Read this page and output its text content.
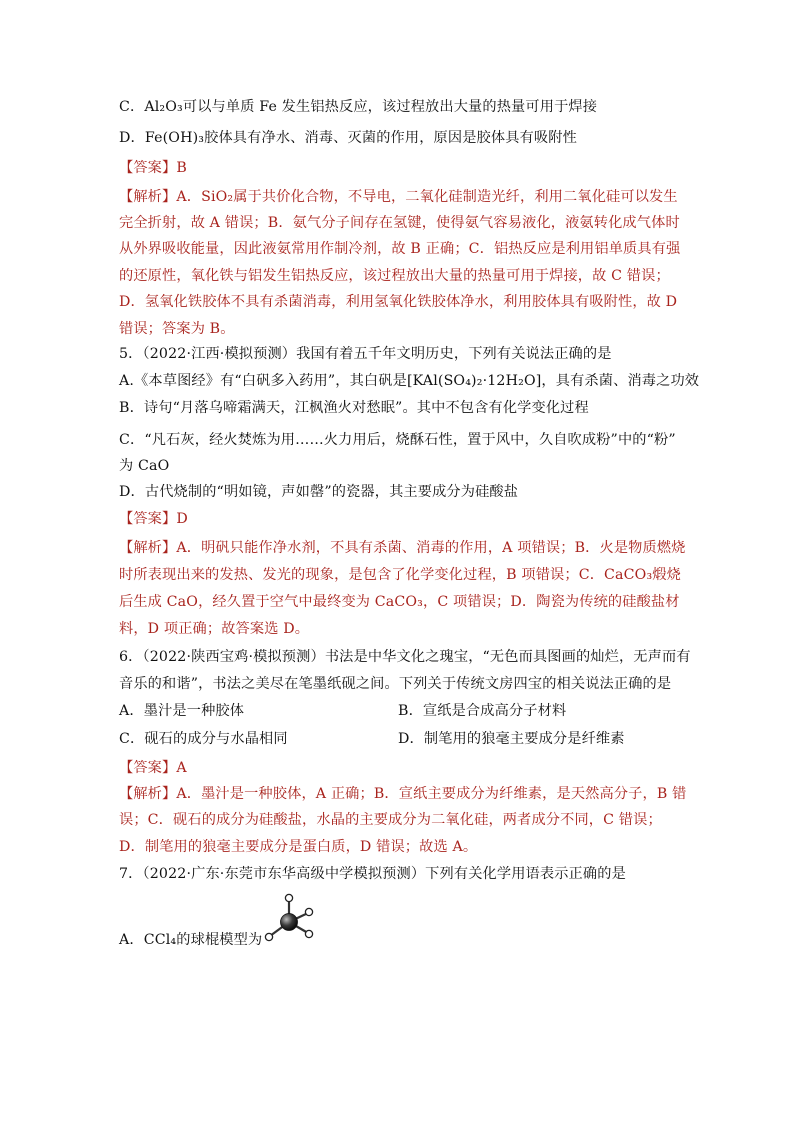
C．Al₂O₃可以与单质 Fe 发生铝热反应，该过程放出大量的热量可用于焊接
D．Fe(OH)₃胶体具有净水、消毒、灭菌的作用，原因是胶体具有吸附性
【答案】B
【解析】A．SiO₂属于共价化合物，不导电，二氧化硅制造光纤，利用二氧化硅可以发生
完全折射，故 A 错误；B．氨气分子间存在氢键，使得氨气容易液化，液氨转化成气体时
从外界吸收能量，因此液氨常用作制冷剂，故 B 正确；C．铝热反应是利用铝单质具有强
的还原性，氧化铁与铝发生铝热反应，该过程放出大量的热量可用于焊接，故 C 错误；
D．氢氧化铁胶体不具有杀菌消毒，利用氢氧化铁胶体净水，利用胶体具有吸附性，故 D
错误；答案为 B。
5．（2022·江西·模拟预测）我国有着五千年文明历史，下列有关说法正确的是
A.《本草图经》有“白矾多入药用”，其白矾是[KAl(SO₄)₂·12H₂O]，具有杀菌、消毒之功效
B．诗句“月落乌啼霜满天，江枫渔火对愁眠”。其中不包含有化学变化过程
C．“凡石灰，经火焚炼为用……火力用后，烧酥石性，置于风中，久自吹成粉”中的“粉”
为 CaO
D．古代烧制的“明如镜，声如罄”的瓷器，其主要成分为硅酸盐
【答案】D
【解析】A．明矾只能作净水剂，不具有杀菌、消毒的作用，A 项错误；B．火是物质燃烧
时所表现出来的发热、发光的现象，是包含了化学变化过程，B 项错误；C．CaCO₃煅烧
后生成 CaO，经久置于空气中最终变为 CaCO₃，C 项错误；D．陶瓷为传统的硅酸盐材
料，D 项正确；故答案选 D。
6．（2022·陕西宝鸡·模拟预测）书法是中华文化之瑰宝，“无色而具图画的灿烂，无声而有
音乐的和谐”，书法之美尽在笔墨纸砚之间。下列关于传统文房四宝的相关说法正确的是
A．墨汁是一种胶体	B．宣纸是合成高分子材料
C．砚石的成分与水晶相同	D．制笔用的狼毫主要成分是纤维素
【答案】A
【解析】A．墨汁是一种胶体，A 正确；B．宣纸主要成分为纤维素，是天然高分子，B 错
误；C．砚石的成分为硅酸盐，水晶的主要成分为二氧化硅，两者成分不同，C 错误；
D．制笔用的狼毫主要成分是蛋白质，D 错误；故选 A。
7．（2022·广东·东莞市东华高级中学模拟预测）下列有关化学用语表示正确的是
A．CCl₄的球棍模型为
